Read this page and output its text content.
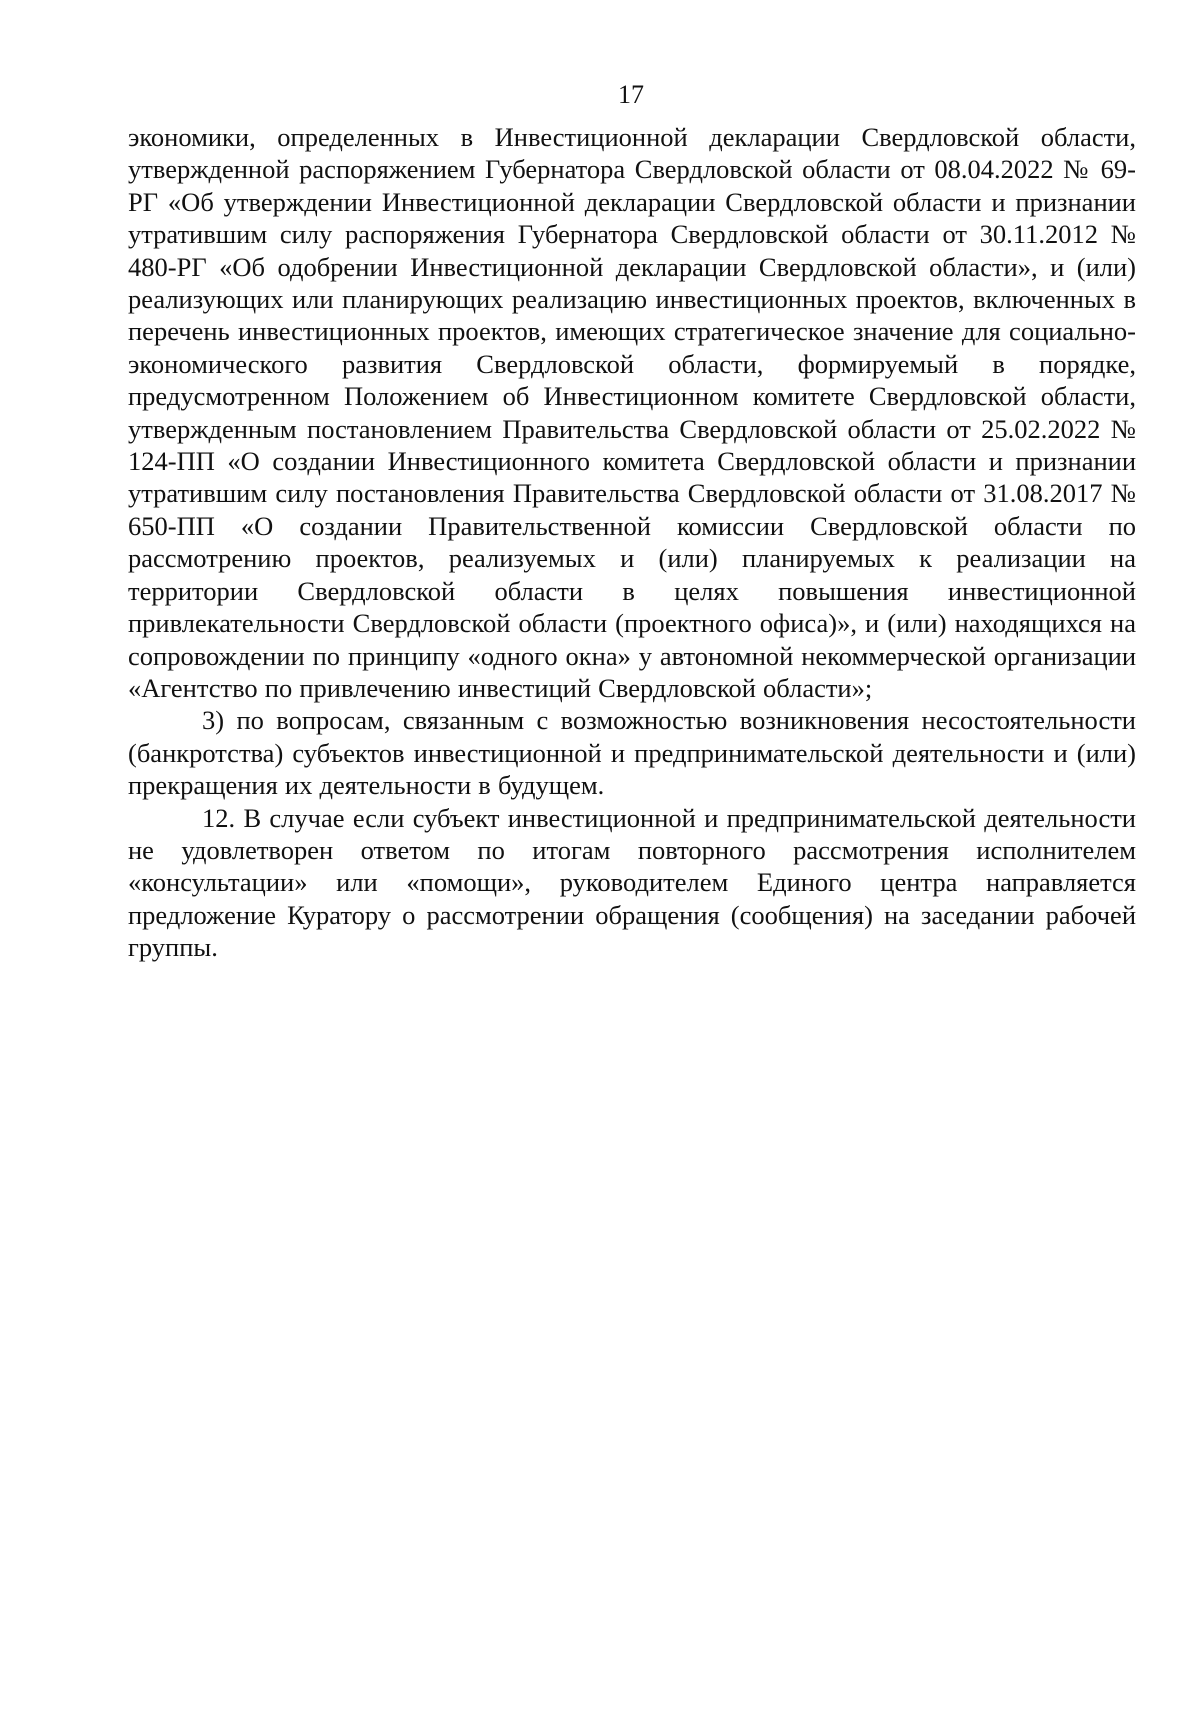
17

экономики, определенных в Инвестиционной декларации Свердловской области, утвержденной распоряжением Губернатора Свердловской области от 08.04.2022 № 69-РГ «Об утверждении Инвестиционной декларации Свердловской области и признании утратившим силу распоряжения Губернатора Свердловской области от 30.11.2012 № 480-РГ «Об одобрении Инвестиционной декларации Свердловской области», и (или) реализующих или планирующих реализацию инвестиционных проектов, включенных в перечень инвестиционных проектов, имеющих стратегическое значение для социально-экономического развития Свердловской области, формируемый в порядке, предусмотренном Положением об Инвестиционном комитете Свердловской области, утвержденным постановлением Правительства Свердловской области от 25.02.2022 № 124-ПП «О создании Инвестиционного комитета Свердловской области и признании утратившим силу постановления Правительства Свердловской области от 31.08.2017 № 650-ПП «О создании Правительственной комиссии Свердловской области по рассмотрению проектов, реализуемых и (или) планируемых к реализации на территории Свердловской области в целях повышения инвестиционной привлекательности Свердловской области (проектного офиса)», и (или) находящихся на сопровождении по принципу «одного окна» у автономной некоммерческой организации «Агентство по привлечению инвестиций Свердловской области»;

3) по вопросам, связанным с возможностью возникновения несостоятельности (банкротства) субъектов инвестиционной и предпринимательской деятельности и (или) прекращения их деятельности в будущем.

12. В случае если субъект инвестиционной и предпринимательской деятельности не удовлетворен ответом по итогам повторного рассмотрения исполнителем «консультации» или «помощи», руководителем Единого центра направляется предложение Куратору о рассмотрении обращения (сообщения) на заседании рабочей группы.
